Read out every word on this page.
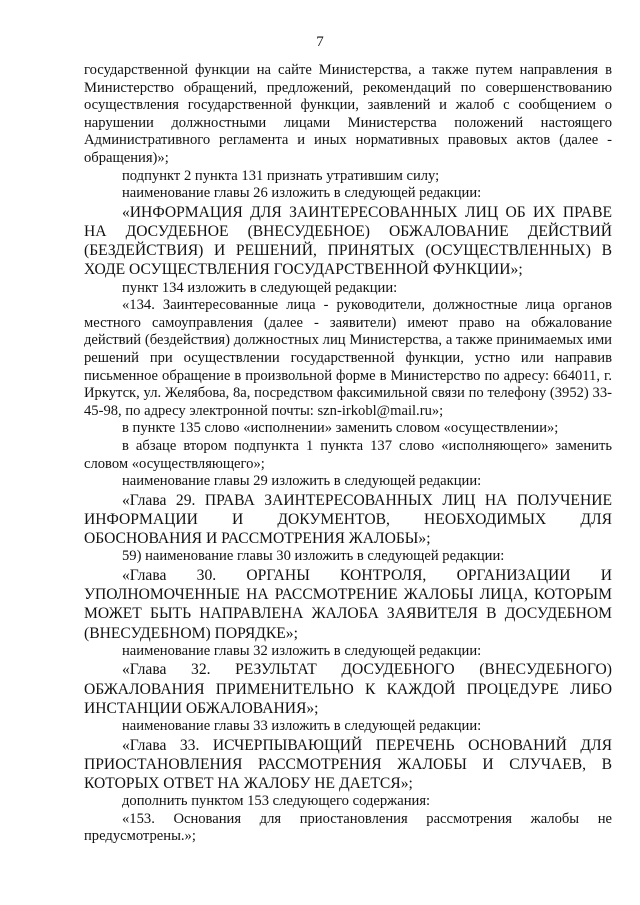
7

государственной функции на сайте Министерства, а также путем направления в Министерство обращений, предложений, рекомендаций по совершенствованию осуществления государственной функции, заявлений и жалоб с сообщением о нарушении должностными лицами Министерства положений настоящего Административного регламента и иных нормативных правовых актов (далее - обращения)»;

подпункт 2 пункта 131 признать утратившим силу;

наименование главы 26 изложить в следующей редакции:

«ИНФОРМАЦИЯ ДЛЯ ЗАИНТЕРЕСОВАННЫХ ЛИЦ ОБ ИХ ПРАВЕ НА ДОСУДЕБНОЕ (ВНЕСУДЕБНОЕ) ОБЖАЛОВАНИЕ ДЕЙСТВИЙ (БЕЗДЕЙСТВИЯ) И РЕШЕНИЙ, ПРИНЯТЫХ (ОСУЩЕСТВЛЕННЫХ) В ХОДЕ ОСУЩЕСТВЛЕНИЯ ГОСУДАРСТВЕННОЙ ФУНКЦИИ»;

пункт 134 изложить в следующей редакции:

«134. Заинтересованные лица - руководители, должностные лица органов местного самоуправления (далее - заявители) имеют право на обжалование действий (бездействия) должностных лиц Министерства, а также принимаемых ими решений при осуществлении государственной функции, устно или направив письменное обращение в произвольной форме в Министерство по адресу: 664011, г. Иркутск, ул. Желябова, 8а, посредством факсимильной связи по телефону (3952) 33-45-98, по адресу электронной почты: szn-irkobl@mail.ru»;

в пункте 135 слово «исполнении» заменить словом «осуществлении»;

в абзаце втором подпункта 1 пункта 137 слово «исполняющего» заменить словом «осуществляющего»;

наименование главы 29 изложить в следующей редакции:

«Глава 29. ПРАВА ЗАИНТЕРЕСОВАННЫХ ЛИЦ НА ПОЛУЧЕНИЕ ИНФОРМАЦИИ И ДОКУМЕНТОВ, НЕОБХОДИМЫХ ДЛЯ ОБОСНОВАНИЯ И РАССМОТРЕНИЯ ЖАЛОБЫ»;

59) наименование главы 30 изложить в следующей редакции:

«Глава 30. ОРГАНЫ КОНТРОЛЯ, ОРГАНИЗАЦИИ И УПОЛНОМОЧЕННЫЕ НА РАССМОТРЕНИЕ ЖАЛОБЫ ЛИЦА, КОТОРЫМ МОЖЕТ БЫТЬ НАПРАВЛЕНА ЖАЛОБА ЗАЯВИТЕЛЯ В ДОСУДЕБНОМ (ВНЕСУДЕБНОМ) ПОРЯДКЕ»;

наименование главы 32 изложить в следующей редакции:

«Глава 32. РЕЗУЛЬТАТ ДОСУДЕБНОГО (ВНЕСУДЕБНОГО) ОБЖАЛОВАНИЯ ПРИМЕНИТЕЛЬНО К КАЖДОЙ ПРОЦЕДУРЕ ЛИБО ИНСТАНЦИИ ОБЖАЛОВАНИЯ»;

наименование главы 33 изложить в следующей редакции:

«Глава 33. ИСЧЕРПЫВАЮЩИЙ ПЕРЕЧЕНЬ ОСНОВАНИЙ ДЛЯ ПРИОСТАНОВЛЕНИЯ РАССМОТРЕНИЯ ЖАЛОБЫ И СЛУЧАЕВ, В КОТОРЫХ ОТВЕТ НА ЖАЛОБУ НЕ ДАЕТСЯ»;

дополнить пунктом 153 следующего содержания:

«153. Основания для приостановления рассмотрения жалобы не предусмотрены.»;
